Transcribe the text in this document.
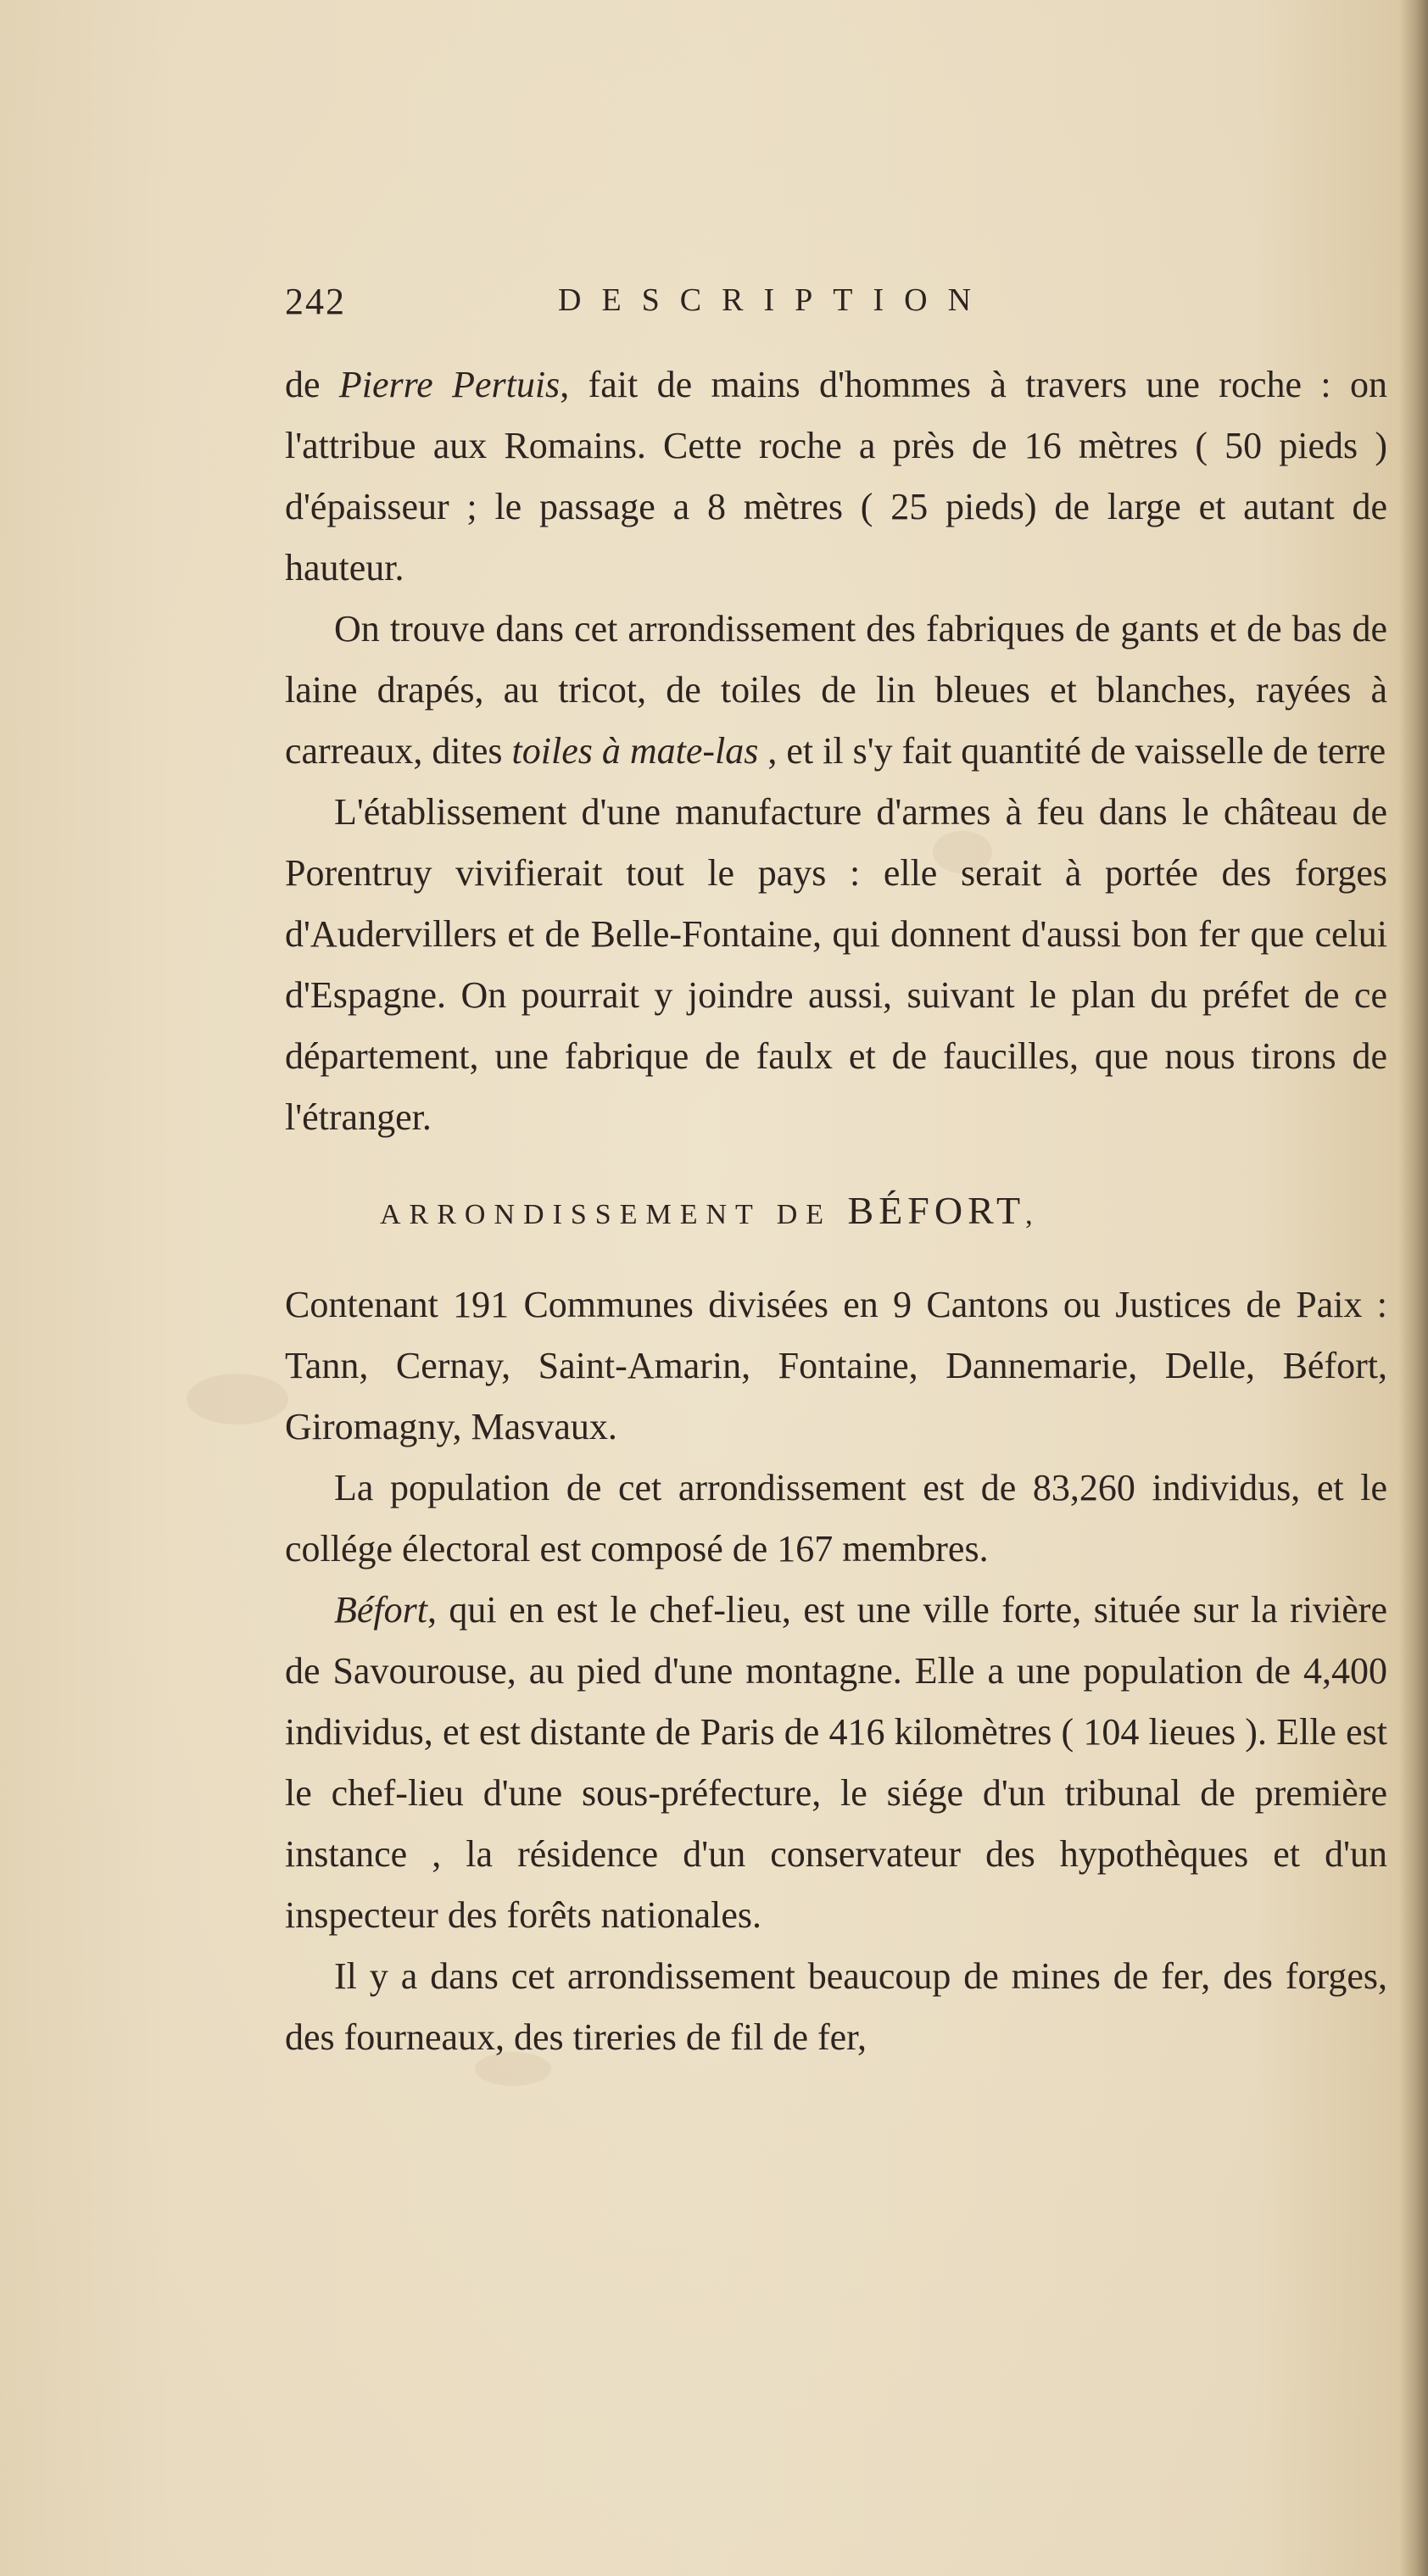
242	DESCRIPTION

de Pierre Pertuis, fait de mains d'hommes à travers une roche : on l'attribue aux Romains. Cette roche a près de 16 mètres ( 50 pieds ) d'épaisseur ; le passage a 8 mètres ( 25 pieds) de large et autant de hauteur.

On trouve dans cet arrondissement des fabriques de gants et de bas de laine drapés, au tricot, de toiles de lin bleues et blanches, rayées à carreaux, dites toiles à mate-las , et il s'y fait quantité de vaisselle de terre

L'établissement d'une manufacture d'armes à feu dans le château de Porentruy vivifierait tout le pays : elle serait à portée des forges d'Audervillers et de Belle-Fontaine, qui donnent d'aussi bon fer que celui d'Espagne. On pourrait y joindre aussi, suivant le plan du préfet de ce département, une fabrique de faulx et de faucilles, que nous tirons de l'étranger.

ARRONDISSEMENT DE BÉFORT,

Contenant 191 Communes divisées en 9 Cantons ou Justices de Paix : Tann, Cernay, Saint-Amarin, Fontaine, Dannemarie, Delle, Béfort, Giromagny, Masvaux.

La population de cet arrondissement est de 83,260 individus, et le collége électoral est composé de 167 membres.

Béfort, qui en est le chef-lieu, est une ville forte, située sur la rivière de Savourouse, au pied d'une montagne. Elle a une population de 4,400 individus, et est distante de Paris de 416 kilomètres ( 104 lieues ). Elle est le chef-lieu d'une sous-préfecture, le siége d'un tribunal de première instance , la résidence d'un conservateur des hypothèques et d'un inspecteur des forêts nationales.

Il y a dans cet arrondissement beaucoup de mines de fer, des forges, des fourneaux, des tireries de fil de fer,
